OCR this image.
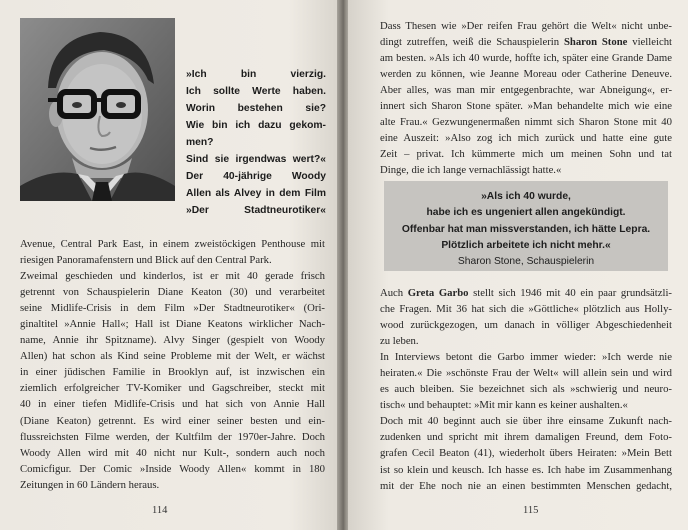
»Ich bin vierzig.
Ich sollte Werte haben.
Worin bestehen sie?
Wie bin ich dazu gekom-
men?
Sind sie irgendwas wert?«
Der 40-jährige Woody
Allen als Alvey in dem Film
»Der Stadtneurotiker«
Avenue, Central Park East, in einem zweistöckigen Penthouse mit
riesigen Panoramafenstern und Blick auf den Central Park.
Zweimal geschieden und kinderlos, ist er mit 40 gerade frisch
getrennt von Schauspielerin Diane Keaton (30) und verarbeitet
seine Midlife-Crisis in dem Film »Der Stadtneurotiker« (Ori-
ginaltitel »Annie Hall«; Hall ist Diane Keatons wirklicher Nach-
name, Annie ihr Spitzname). Alvy Singer (gespielt von Woody
Allen) hat schon als Kind seine Probleme mit der Welt, er wächst
in einer jüdischen Familie in Brooklyn auf, ist inzwischen ein
ziemlich erfolgreicher TV-Komiker und Gagschreiber, steckt mit
40 in einer tiefen Midlife-Crisis und hat sich von Annie Hall
(Diane Keaton) getrennt. Es wird einer seiner besten und ein-
flussreichsten Filme werden, der Kultfilm der 1970er-Jahre. Doch
Woody Allen wird mit 40 nicht nur Kult-, sondern auch noch
Comicfigur. Der Comic »Inside Woody Allen« kommt in 180
Zeitungen in 60 Ländern heraus.
114
Dass Thesen wie »Der reifen Frau gehört die Welt« nicht unbe-
dingt zutreffen, weiß die Schauspielerin Sharon Stone vielleicht
am besten. »Als ich 40 wurde, hoffte ich, später eine Grande Dame
werden zu können, wie Jeanne Moreau oder Catherine Deneuve.
Aber alles, was man mir entgegenbrachte, war Abneigung«, er-
innert sich Sharon Stone später. »Man behandelte mich wie eine
alte Frau.« Gezwungenermaßen nimmt sich Sharon Stone mit 40
eine Auszeit: »Also zog ich mich zurück und hatte eine gute
Zeit – privat. Ich kümmerte mich um meinen Sohn und tat
Dinge, die ich lange vernachlässigt hatte.«
»Als ich 40 wurde,
habe ich es ungeniert allen angekündigt.
Offenbar hat man missverstanden, ich hätte Lepra.
Plötzlich arbeitete ich nicht mehr.«
Sharon Stone, Schauspielerin
Auch Greta Garbo stellt sich 1946 mit 40 ein paar grundsätzli-
che Fragen. Mit 36 hat sich die »Göttliche« plötzlich aus Holly-
wood zurückgezogen, um danach in völliger Abgeschiedenheit
zu leben.
In Interviews betont die Garbo immer wieder: »Ich werde nie
heiraten.« Die »schönste Frau der Welt« will allein sein und wird
es auch bleiben. Sie bezeichnet sich als »schwierig und neuro-
tisch« und behauptet: »Mit mir kann es keiner aushalten.«
Doch mit 40 beginnt auch sie über ihre einsame Zukunft nach-
zudenken und spricht mit ihrem damaligen Freund, dem Foto-
grafen Cecil Beaton (41), wiederholt übers Heiraten: »Mein Bett
ist so klein und keusch. Ich hasse es. Ich habe im Zusammenhang
mit der Ehe noch nie an einen bestimmten Menschen gedacht,
115
